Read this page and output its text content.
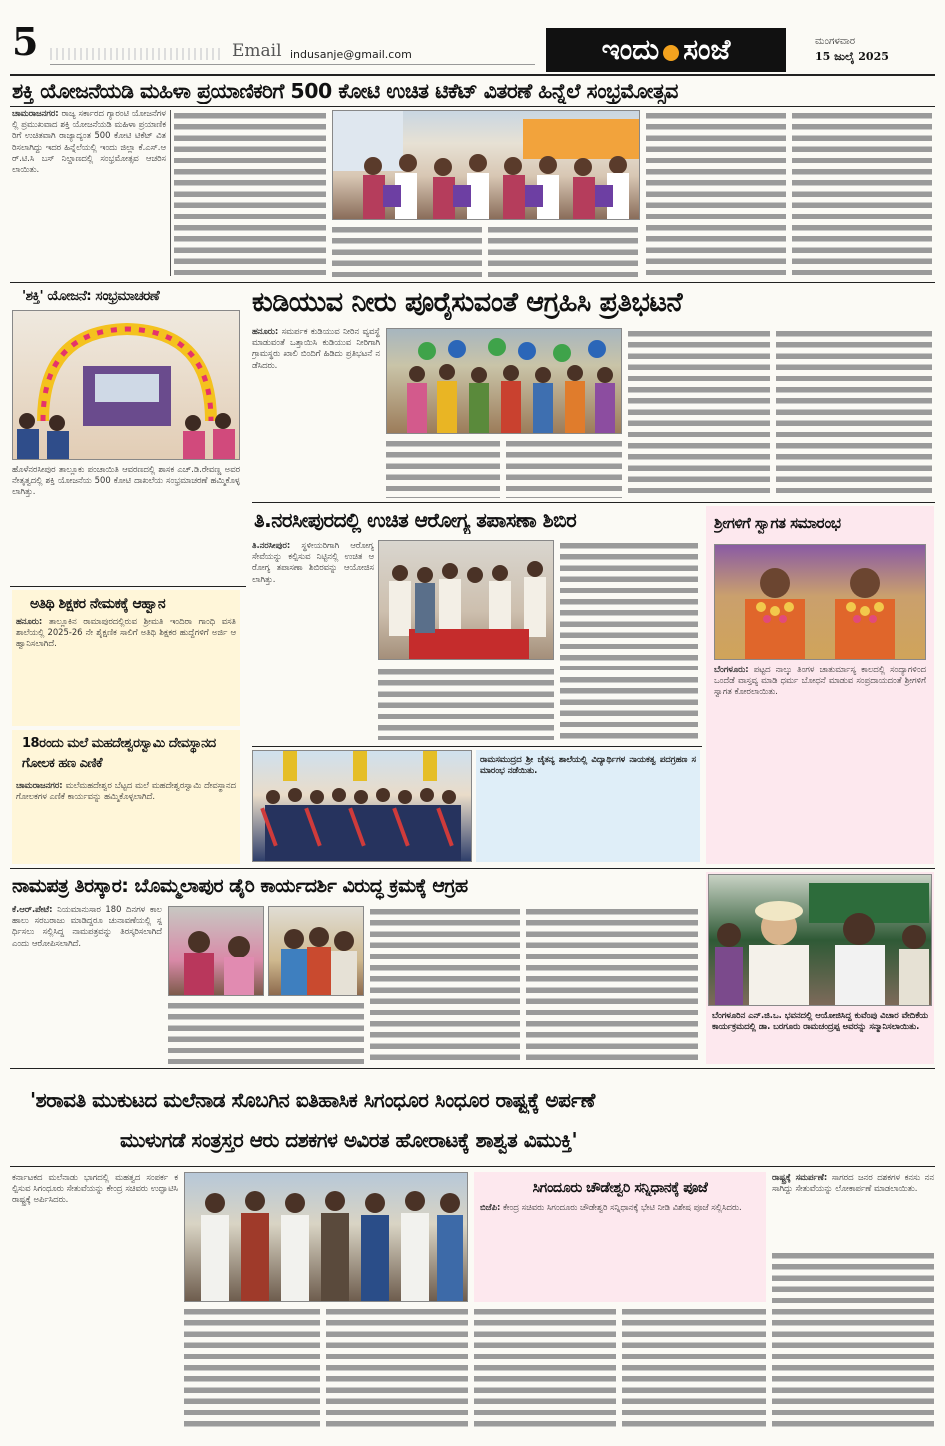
5	Email indusanje@gmail.com	ಇಂದು ಸಂಜೆ	ಮಂಗಳವಾರ
15 ಜುಲೈ 2025
ಶಕ್ತಿ ಯೋಜನೆಯಡಿ ಮಹಿಳಾ ಪ್ರಯಾಣಿಕರಿಗೆ 500 ಕೋಟಿ ಉಚಿತ ಟಿಕೆಟ್ ವಿತರಣೆ ಹಿನ್ನೆಲೆ ಸಂಭ್ರಮೋತ್ಸವ
ಚಾಮರಾಜನಗರ: ರಾಜ್ಯ ಸರ್ಕಾರದ ಗ್ಯಾರಂಟಿ ಯೋಜನೆಗಳಲ್ಲಿ ಪ್ರಮುಖವಾದ ಶಕ್ತಿ ಯೋಜನೆಯಡಿ ಮಹಿಳಾ ಪ್ರಯಾಣಿಕರಿಗೆ ಉಚಿತವಾಗಿ ರಾಜ್ಯಾದ್ಯಂತ 500 ಕೋಟಿ ಟಿಕೆಟ್ ವಿತರಿಸಲಾಗಿದ್ದು ಇದರ ಹಿನ್ನೆಲೆಯಲ್ಲಿ ಇಂದು ಜಿಲ್ಲಾ ಕೆ.ಎಸ್.ಆರ್.ಟಿ.ಸಿ ಬಸ್ ನಿಲ್ದಾಣದಲ್ಲಿ ಸಂಭ್ರಮೋತ್ಸವ ಆಚರಿಸಲಾಯಿತು.
'ಶಕ್ತಿ' ಯೋಜನೆ: ಸಂಭ್ರಮಾಚರಣೆ
ಹೊಳೆನರಸೀಪುರ ತಾಲ್ಲೂಕು ಪಂಚಾಯಿತಿ ಆವರಣದಲ್ಲಿ ಶಾಸಕ ಎಚ್.ಡಿ.ರೇವಣ್ಣ ಅವರ ನೇತೃತ್ವದಲ್ಲಿ ಶಕ್ತಿ ಯೋಜನೆಯ 500 ಕೋಟಿ ದಾಖಲೆಯ ಸಂಭ್ರಮಾಚರಣೆ ಹಮ್ಮಿಕೊಳ್ಳಲಾಗಿತ್ತು.
ಕುಡಿಯುವ ನೀರು ಪೂರೈಸುವಂತೆ ಆಗ್ರಹಿಸಿ ಪ್ರತಿಭಟನೆ
ಹನೂರು: ಸಮರ್ಪಕ ಕುಡಿಯುವ ನೀರಿನ ವ್ಯವಸ್ಥೆ ಮಾಡುವಂತೆ ಒತ್ತಾಯಿಸಿ ಕುಡಿಯುವ ನೀರಿಗಾಗಿ ಗ್ರಾಮಸ್ಥರು ಖಾಲಿ ಬಿಂದಿಗೆ ಹಿಡಿದು ಪ್ರತಿಭಟನೆ ನಡೆಸಿದರು.
ಅತಿಥಿ ಶಿಕ್ಷಕರ ನೇಮಕಕ್ಕೆ ಆಹ್ವಾನ
ಹನೂರು: ತಾಲ್ಲೂಕಿನ ರಾಮಾಪುರದಲ್ಲಿರುವ ಶ್ರೀಮತಿ ಇಂದಿರಾ ಗಾಂಧಿ ವಸತಿ ಶಾಲೆಯಲ್ಲಿ 2025-26 ನೇ ಶೈಕ್ಷಣಿಕ ಸಾಲಿಗೆ ಅತಿಥಿ ಶಿಕ್ಷಕರ ಹುದ್ದೆಗಳಿಗೆ ಅರ್ಜಿ ಆಹ್ವಾನಿಸಲಾಗಿದೆ.
18ರಂದು ಮಲೆ ಮಹದೇಶ್ವರಸ್ವಾಮಿ ದೇವಸ್ಥಾನದ ಗೋಲಕ ಹಣ ಎಣಿಕೆ
ಚಾಮರಾಜನಗರ: ಮಲೆಮಹದೇಶ್ವರ ಬೆಟ್ಟದ ಮಲೆ ಮಹದೇಶ್ವರಸ್ವಾಮಿ ದೇವಸ್ಥಾನದ ಗೋಲಕಗಳ ಎಣಿಕೆ ಕಾರ್ಯವನ್ನು ಹಮ್ಮಿಕೊಳ್ಳಲಾಗಿದೆ.
ತಿ.ನರಸೀಪುರದಲ್ಲಿ ಉಚಿತ ಆರೋಗ್ಯ ತಪಾಸಣಾ ಶಿಬಿರ
ತಿ.ನರಸೀಪುರ: ಸ್ಥಳೀಯರಿಗಾಗಿ ಆರೋಗ್ಯ ಸೇವೆಯನ್ನು ಕಲ್ಪಿಸುವ ನಿಟ್ಟಿನಲ್ಲಿ ಉಚಿತ ಆರೋಗ್ಯ ತಪಾಸಣಾ ಶಿಬಿರವನ್ನು ಆಯೋಜಿಸಲಾಗಿತ್ತು.
ರಾಮಸಮುದ್ರದ ಶ್ರೀ ಚೈತನ್ಯ ಶಾಲೆಯಲ್ಲಿ ವಿದ್ಯಾರ್ಥಿಗಳ ನಾಯಕತ್ವ ಪದಗ್ರಹಣ ಸಮಾರಂಭ ನಡೆಯಿತು.
ಶ್ರೀಗಳಿಗೆ ಸ್ವಾಗತ ಸಮಾರಂಭ
ಬೆಂಗಳೂರು: ಪಟ್ಟದ ನಾಲ್ಕು ತಿಂಗಳ ಚಾತುರ್ಮಾಸ್ಯ ಕಾಲದಲ್ಲಿ ಸಂದ್ಯಾಗಳಿಂದ ಒಂದೆಡೆ ವಾಸ್ತವ್ಯ ಮಾಡಿ ಧರ್ಮ ಬೋಧನೆ ಮಾಡುವ ಸಂಪ್ರದಾಯದಂತೆ ಶ್ರೀಗಳಿಗೆ ಸ್ವಾಗತ ಕೋರಲಾಯಿತು.
ನಾಮಪತ್ರ ತಿರಸ್ಕಾರ: ಬೊಮ್ಮಲಾಪುರ ಡೈರಿ ಕಾರ್ಯದರ್ಶಿ ವಿರುದ್ಧ ಕ್ರಮಕ್ಕೆ ಆಗ್ರಹ
ಕೆ.ಆರ್.ಪೇಟೆ: ನಿಯಮಾನುಸಾರ 180 ದಿನಗಳ ಕಾಲ ಹಾಲು ಸರಬರಾಜು ಮಾಡಿದ್ದರೂ ಚುನಾವಣೆಯಲ್ಲಿ ಸ್ಪರ್ಧಿಸಲು ಸಲ್ಲಿಸಿದ್ದ ನಾಮಪತ್ರವನ್ನು ತಿರಸ್ಕರಿಸಲಾಗಿದೆ ಎಂದು ಆರೋಪಿಸಲಾಗಿದೆ.
ಬೆಂಗಳೂರಿನ ಎನ್.ಜಿ.ಒ. ಭವನದಲ್ಲಿ ಆಯೋಜಿಸಿದ್ದ ಕುವೆಂಪು ವಿಚಾರ ವೇದಿಕೆಯ ಕಾರ್ಯಕ್ರಮದಲ್ಲಿ ಡಾ. ಬರಗೂರು ರಾಮಚಂದ್ರಪ್ಪ ಅವರನ್ನು ಸನ್ಮಾನಿಸಲಾಯಿತು.
'ಶರಾವತಿ ಮುಕುಟದ ಮಲೆನಾಡ ಸೊಬಗಿನ ಐತಿಹಾಸಿಕ ಸಿಗಂಧೂರ ಸಿಂಧೂರ ರಾಷ್ಟ್ರಕ್ಕೆ ಅರ್ಪಣೆ
ಮುಳುಗಡೆ ಸಂತ್ರಸ್ತರ ಆರು ದಶಕಗಳ ಅವಿರತ ಹೋರಾಟಕ್ಕೆ ಶಾಶ್ವತ ವಿಮುಕ್ತಿ'
ಕರ್ನಾಟಕದ ಮಲೆನಾಡು ಭಾಗದಲ್ಲಿ ಮಹತ್ವದ ಸಂಪರ್ಕ ಕಲ್ಪಿಸುವ ಸಿಗಂಧೂರು ಸೇತುವೆಯನ್ನು ಕೇಂದ್ರ ಸಚಿವರು ಉದ್ಘಾಟಿಸಿ ರಾಷ್ಟ್ರಕ್ಕೆ ಅರ್ಪಿಸಿದರು.
ಸಿಗಂದೂರು ಚೌಡೇಶ್ವರಿ ಸನ್ನಿಧಾನಕ್ಕೆ ಪೂಜೆ
ಬಿಜೆಪಿ: ಕೇಂದ್ರ ಸಚಿವರು ಸಿಗಂದೂರು ಚೌಡೇಶ್ವರಿ ಸನ್ನಿಧಾನಕ್ಕೆ ಭೇಟಿ ನೀಡಿ ವಿಶೇಷ ಪೂಜೆ ಸಲ್ಲಿಸಿದರು.
ರಾಷ್ಟ್ರಕ್ಕೆ ಸಮರ್ಪಣೆ: ಸಾಗರದ ಜನರ ದಶಕಗಳ ಕನಸು ನನಸಾಗಿದ್ದು ಸೇತುವೆಯನ್ನು ಲೋಕಾರ್ಪಣೆ ಮಾಡಲಾಯಿತು.
